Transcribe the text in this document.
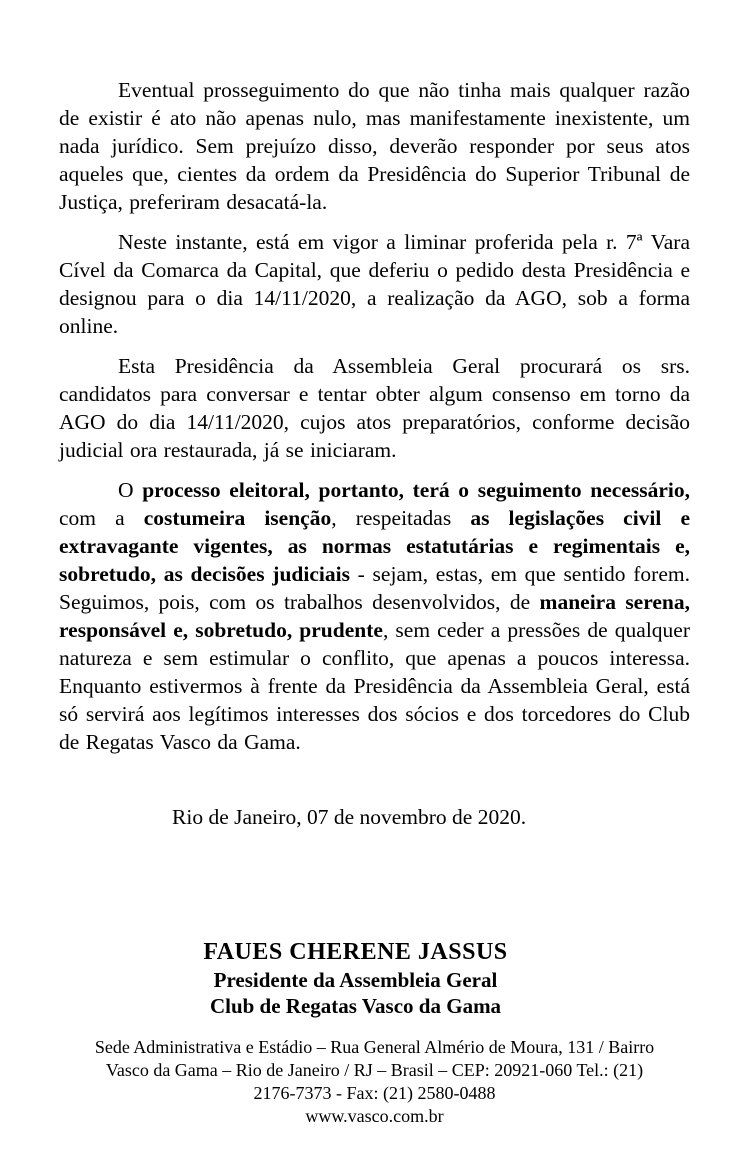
Eventual prosseguimento do que não tinha mais qualquer razão de existir é ato não apenas nulo, mas manifestamente inexistente, um nada jurídico. Sem prejuízo disso, deverão responder por seus atos aqueles que, cientes da ordem da Presidência do Superior Tribunal de Justiça, preferiram desacatá-la.

Neste instante, está em vigor a liminar proferida pela r. 7ª Vara Cível da Comarca da Capital, que deferiu o pedido desta Presidência e designou para o dia 14/11/2020, a realização da AGO, sob a forma online.

Esta Presidência da Assembleia Geral procurará os srs. candidatos para conversar e tentar obter algum consenso em torno da AGO do dia 14/11/2020, cujos atos preparatórios, conforme decisão judicial ora restaurada, já se iniciaram.

O processo eleitoral, portanto, terá o seguimento necessário, com a costumeira isenção, respeitadas as legislações civil e extravagante vigentes, as normas estatutárias e regimentais e, sobretudo, as decisões judiciais - sejam, estas, em que sentido forem. Seguimos, pois, com os trabalhos desenvolvidos, de maneira serena, responsável e, sobretudo, prudente, sem ceder a pressões de qualquer natureza e sem estimular o conflito, que apenas a poucos interessa. Enquanto estivermos à frente da Presidência da Assembleia Geral, está só servirá aos legítimos interesses dos sócios e dos torcedores do Club de Regatas Vasco da Gama.

Rio de Janeiro, 07 de novembro de 2020.
FAUES CHERENE JASSUS
Presidente da Assembleia Geral
Club de Regatas Vasco da Gama
Sede Administrativa e Estádio – Rua General Almério de Moura, 131 / Bairro
Vasco da Gama – Rio de Janeiro / RJ – Brasil – CEP: 20921-060 Tel.: (21)
2176-7373 - Fax: (21) 2580-0488
www.vasco.com.br
